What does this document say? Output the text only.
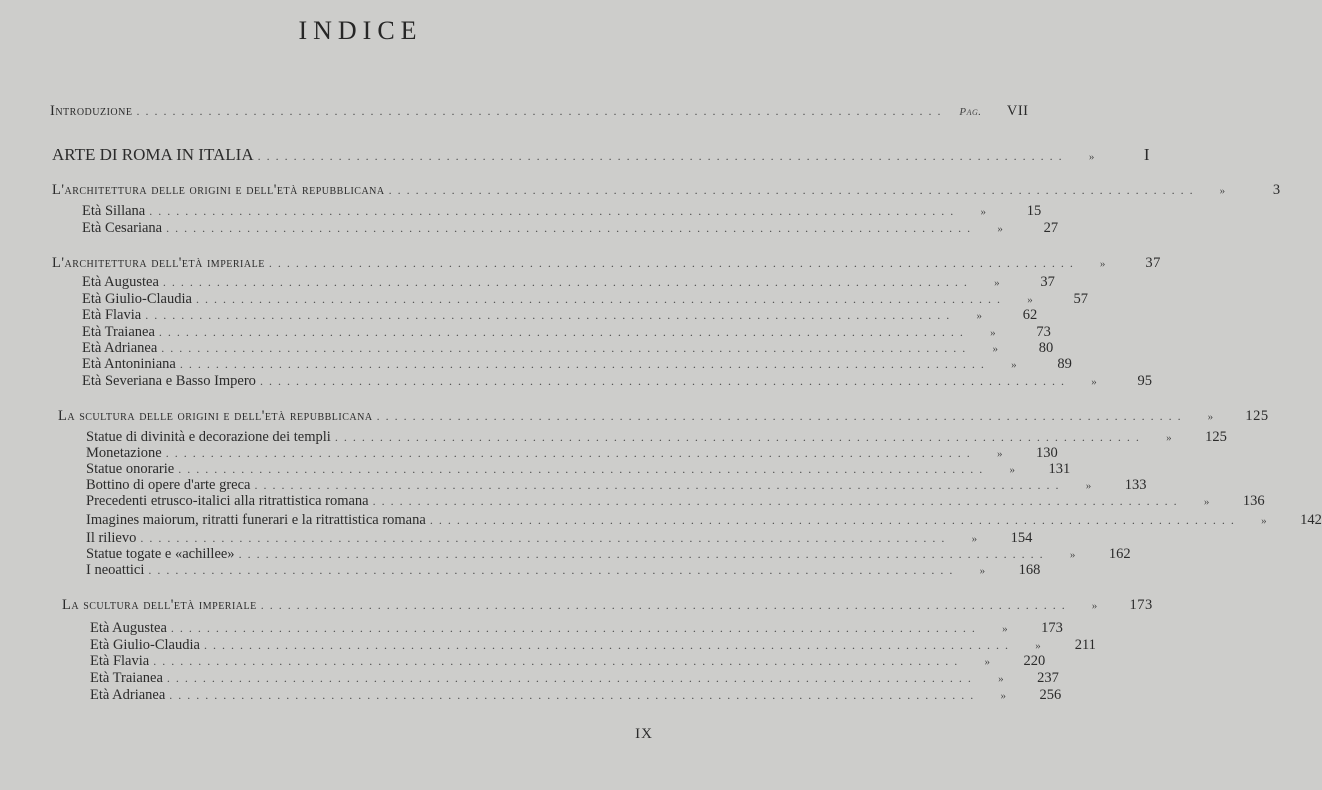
INDICE
Introduzione ..........................................................................................	Pag.	VII
ARTE DI ROMA IN ITALIA ..........................................................................................	»	I
L'architettura delle origini e dell'età repubblicana ..........................................................................................	»	3
Età Sillana ..........................................................................................	»	15
Età Cesariana ..........................................................................................	»	27
L'architettura dell'età imperiale ..........................................................................................	»	37
Età Augustea ..........................................................................................	»	37
Età Giulio-Claudia ..........................................................................................	»	57
Età Flavia ..........................................................................................	»	62
Età Traianea ..........................................................................................	»	73
Età Adrianea ..........................................................................................	»	80
Età Antoniniana ..........................................................................................	»	89
Età Severiana e Basso Impero ..........................................................................................	»	95
La scultura delle origini e dell'età repubblicana ..........................................................................................	»	125
Statue di divinità e decorazione dei templi ..........................................................................................	»	125
Monetazione ..........................................................................................	»	130
Statue onorarie ..........................................................................................	»	131
Bottino di opere d'arte greca ..........................................................................................	»	133
Precedenti etrusco-italici alla ritrattistica romana ..........................................................................................	»	136
Imagines maiorum, ritratti funerari e la ritrattistica romana ..........................................................................................	»	142
Il rilievo ..........................................................................................	»	154
Statue togate e «achillee» ..........................................................................................	»	162
I neoattici ..........................................................................................	»	168
La scultura dell'età imperiale ..........................................................................................	»	173
Età Augustea ..........................................................................................	»	173
Età Giulio-Claudia ..........................................................................................	»	211
Età Flavia ..........................................................................................	»	220
Età Traianea ..........................................................................................	»	237
Età Adrianea ..........................................................................................	»	256
IX
